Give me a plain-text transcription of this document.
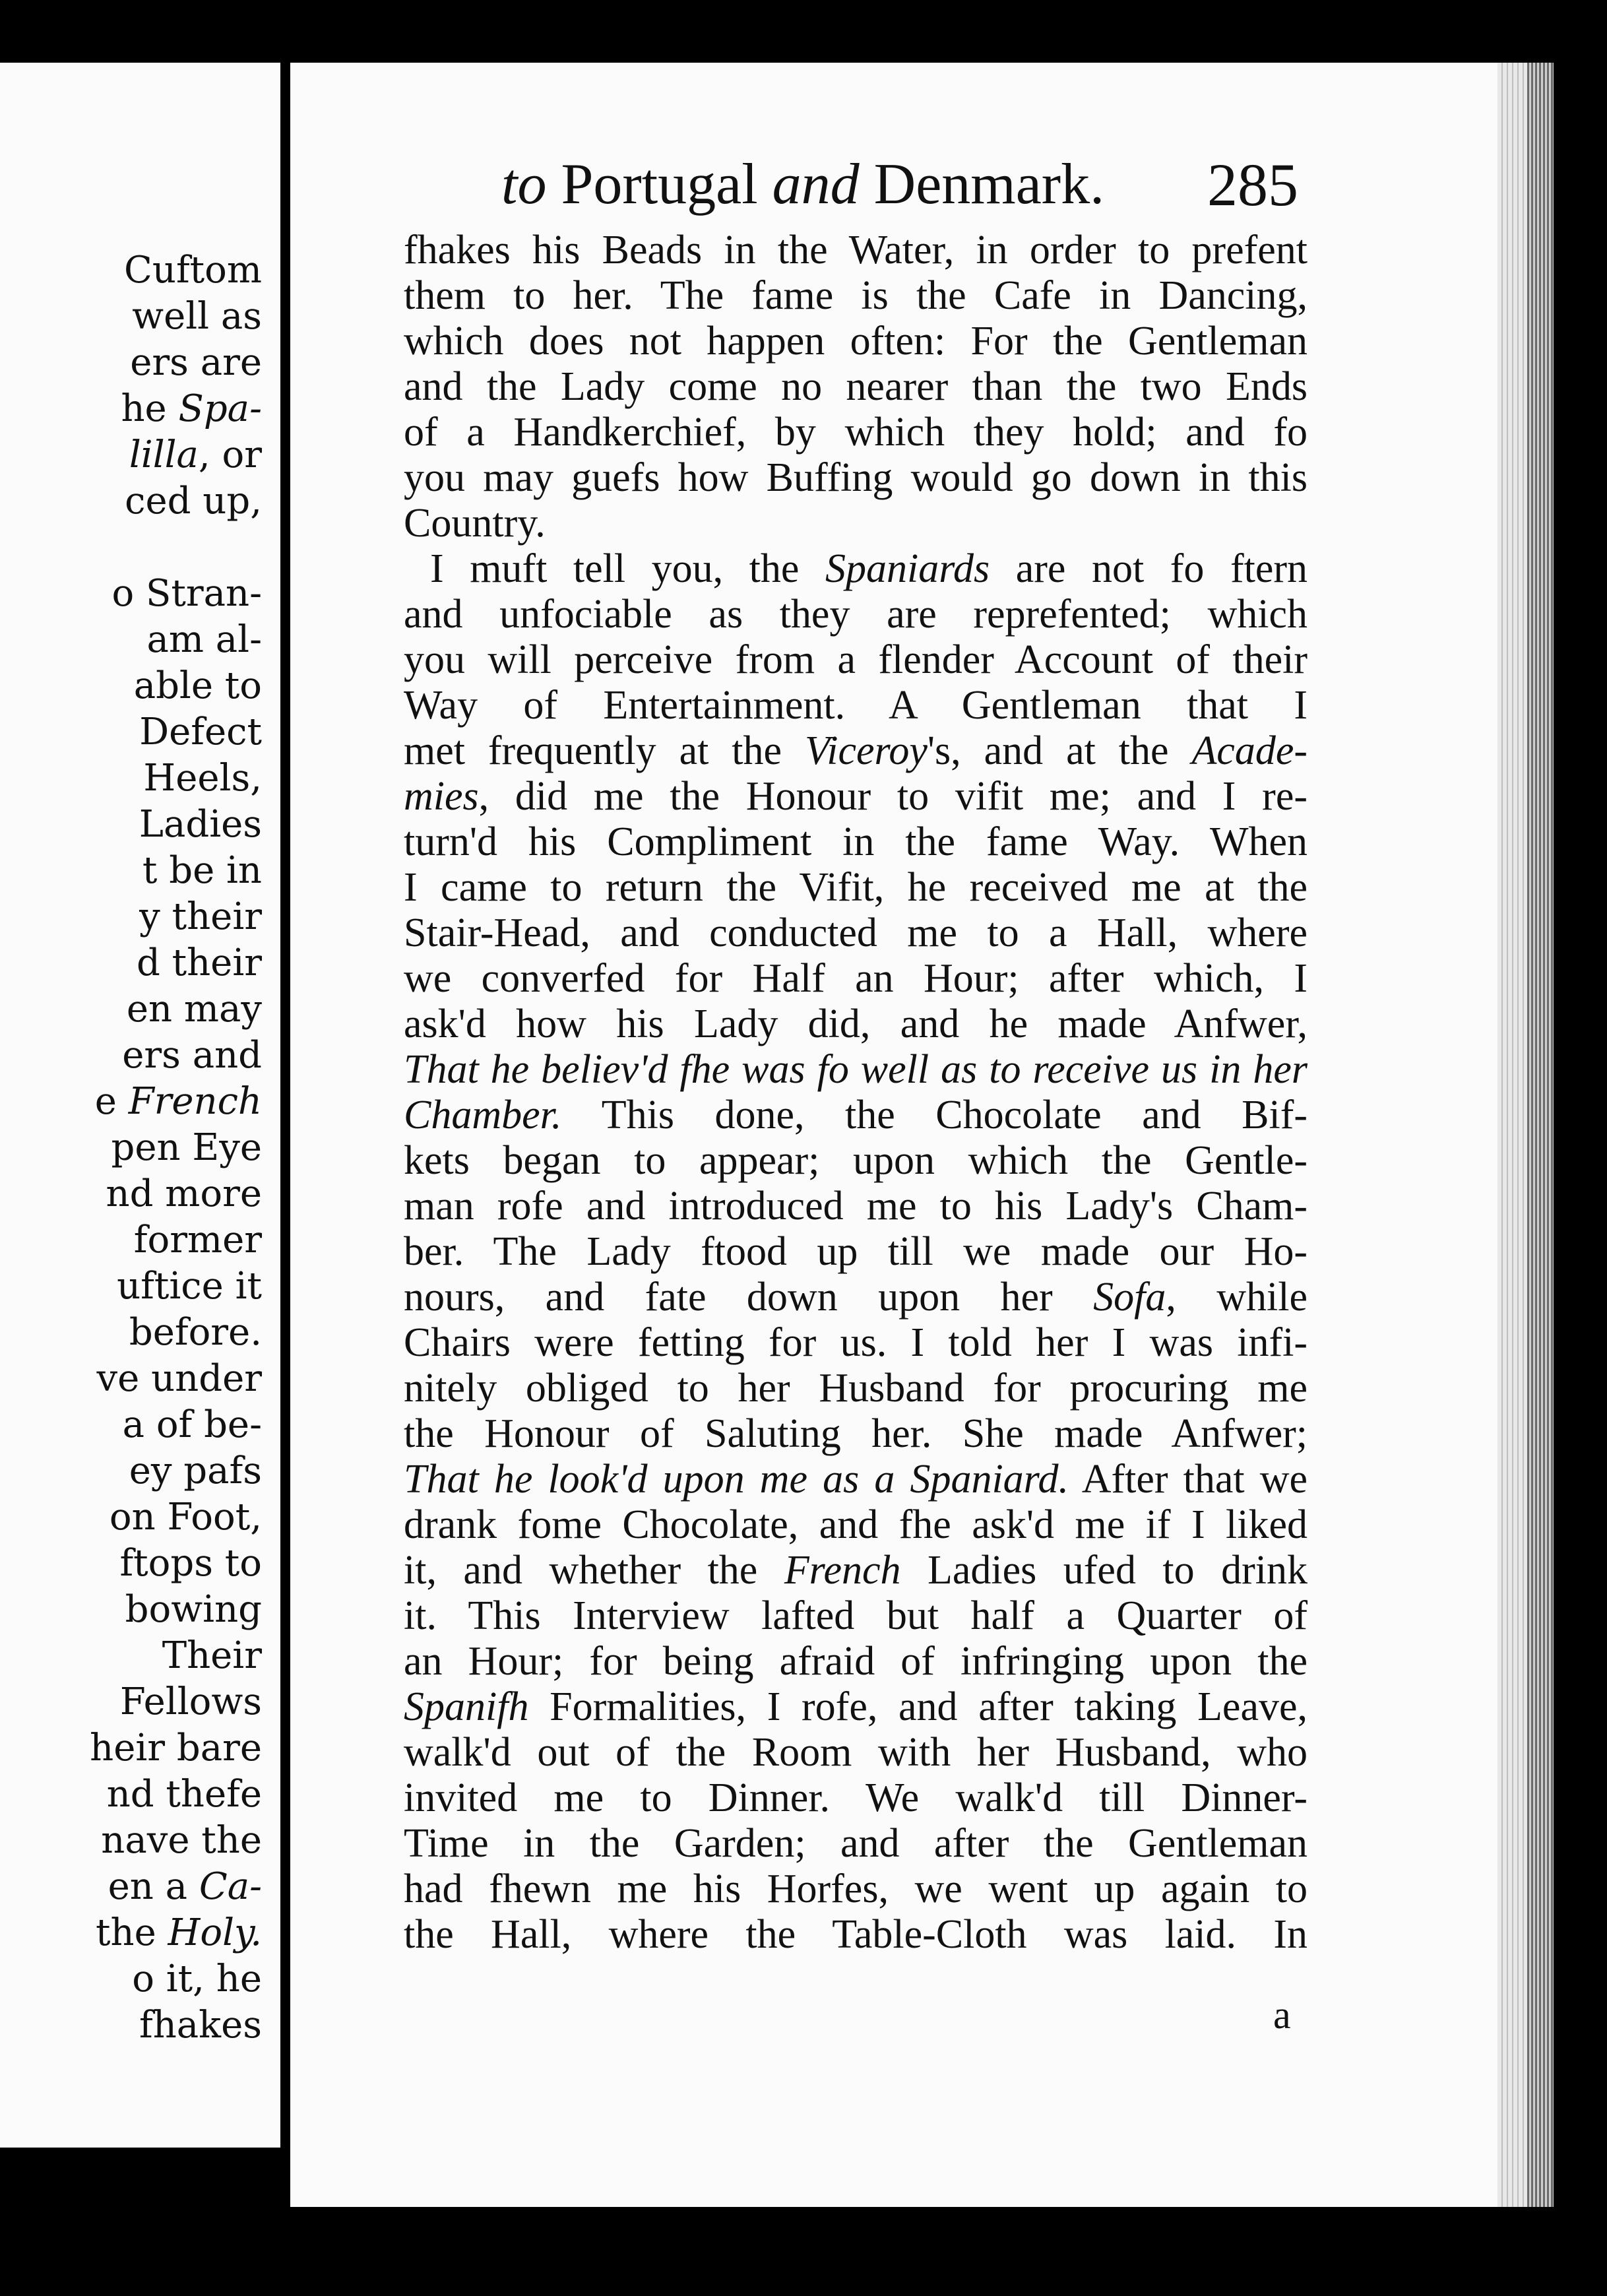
Cuftom
well as
ers are
he Spa-
lilla, or
ced up,
o Stran-
am al-
able to
Defect
Heels,
Ladies
t be in
y their
d their
en may
ers and
e French
pen Eye
nd more
former
uftice it
before.
ve under
a of be-
ey pafs
on Foot,
ftops to
bowing
Their
Fellows
heir bare
nd thefe
nave the
en a Ca-
the Holy.
o it, he
fhakes
to Portugal and Denmark. 285
fhakes his Beads in the Water, in order to prefent
them to her. The fame is the Cafe in Dancing,
which does not happen often: For the Gentleman
and the Lady come no nearer than the two Ends
of a Handkerchief, by which they hold; and fo
you may guefs how Buffing would go down in this
Country.
I muft tell you, the Spaniards are not fo ftern
and unfociable as they are reprefented; which
you will perceive from a flender Account of their
Way of Entertainment. A Gentleman that I
met frequently at the Viceroy's, and at the Acade-
mies, did me the Honour to vifit me; and I re-
turn'd his Compliment in the fame Way. When
I came to return the Vifit, he received me at the
Stair-Head, and conducted me to a Hall, where
we converfed for Half an Hour; after which, I
ask'd how his Lady did, and he made Anfwer,
That he believ'd fhe was fo well as to receive us in her
Chamber. This done, the Chocolate and Bif-
kets began to appear; upon which the Gentle-
man rofe and introduced me to his Lady's Cham-
ber. The Lady ftood up till we made our Ho-
nours, and fate down upon her Sofa, while
Chairs were fetting for us. I told her I was infi-
nitely obliged to her Husband for procuring me
the Honour of Saluting her. She made Anfwer;
That he look'd upon me as a Spaniard. After that we
drank fome Chocolate, and fhe ask'd me if I liked
it, and whether the French Ladies ufed to drink
it. This Interview lafted but half a Quarter of
an Hour; for being afraid of infringing upon the
Spanifh Formalities, I rofe, and after taking Leave,
walk'd out of the Room with her Husband, who
invited me to Dinner. We walk'd till Dinner-
Time in the Garden; and after the Gentleman
had fhewn me his Horfes, we went up again to
the Hall, where the Table-Cloth was laid. In
a
